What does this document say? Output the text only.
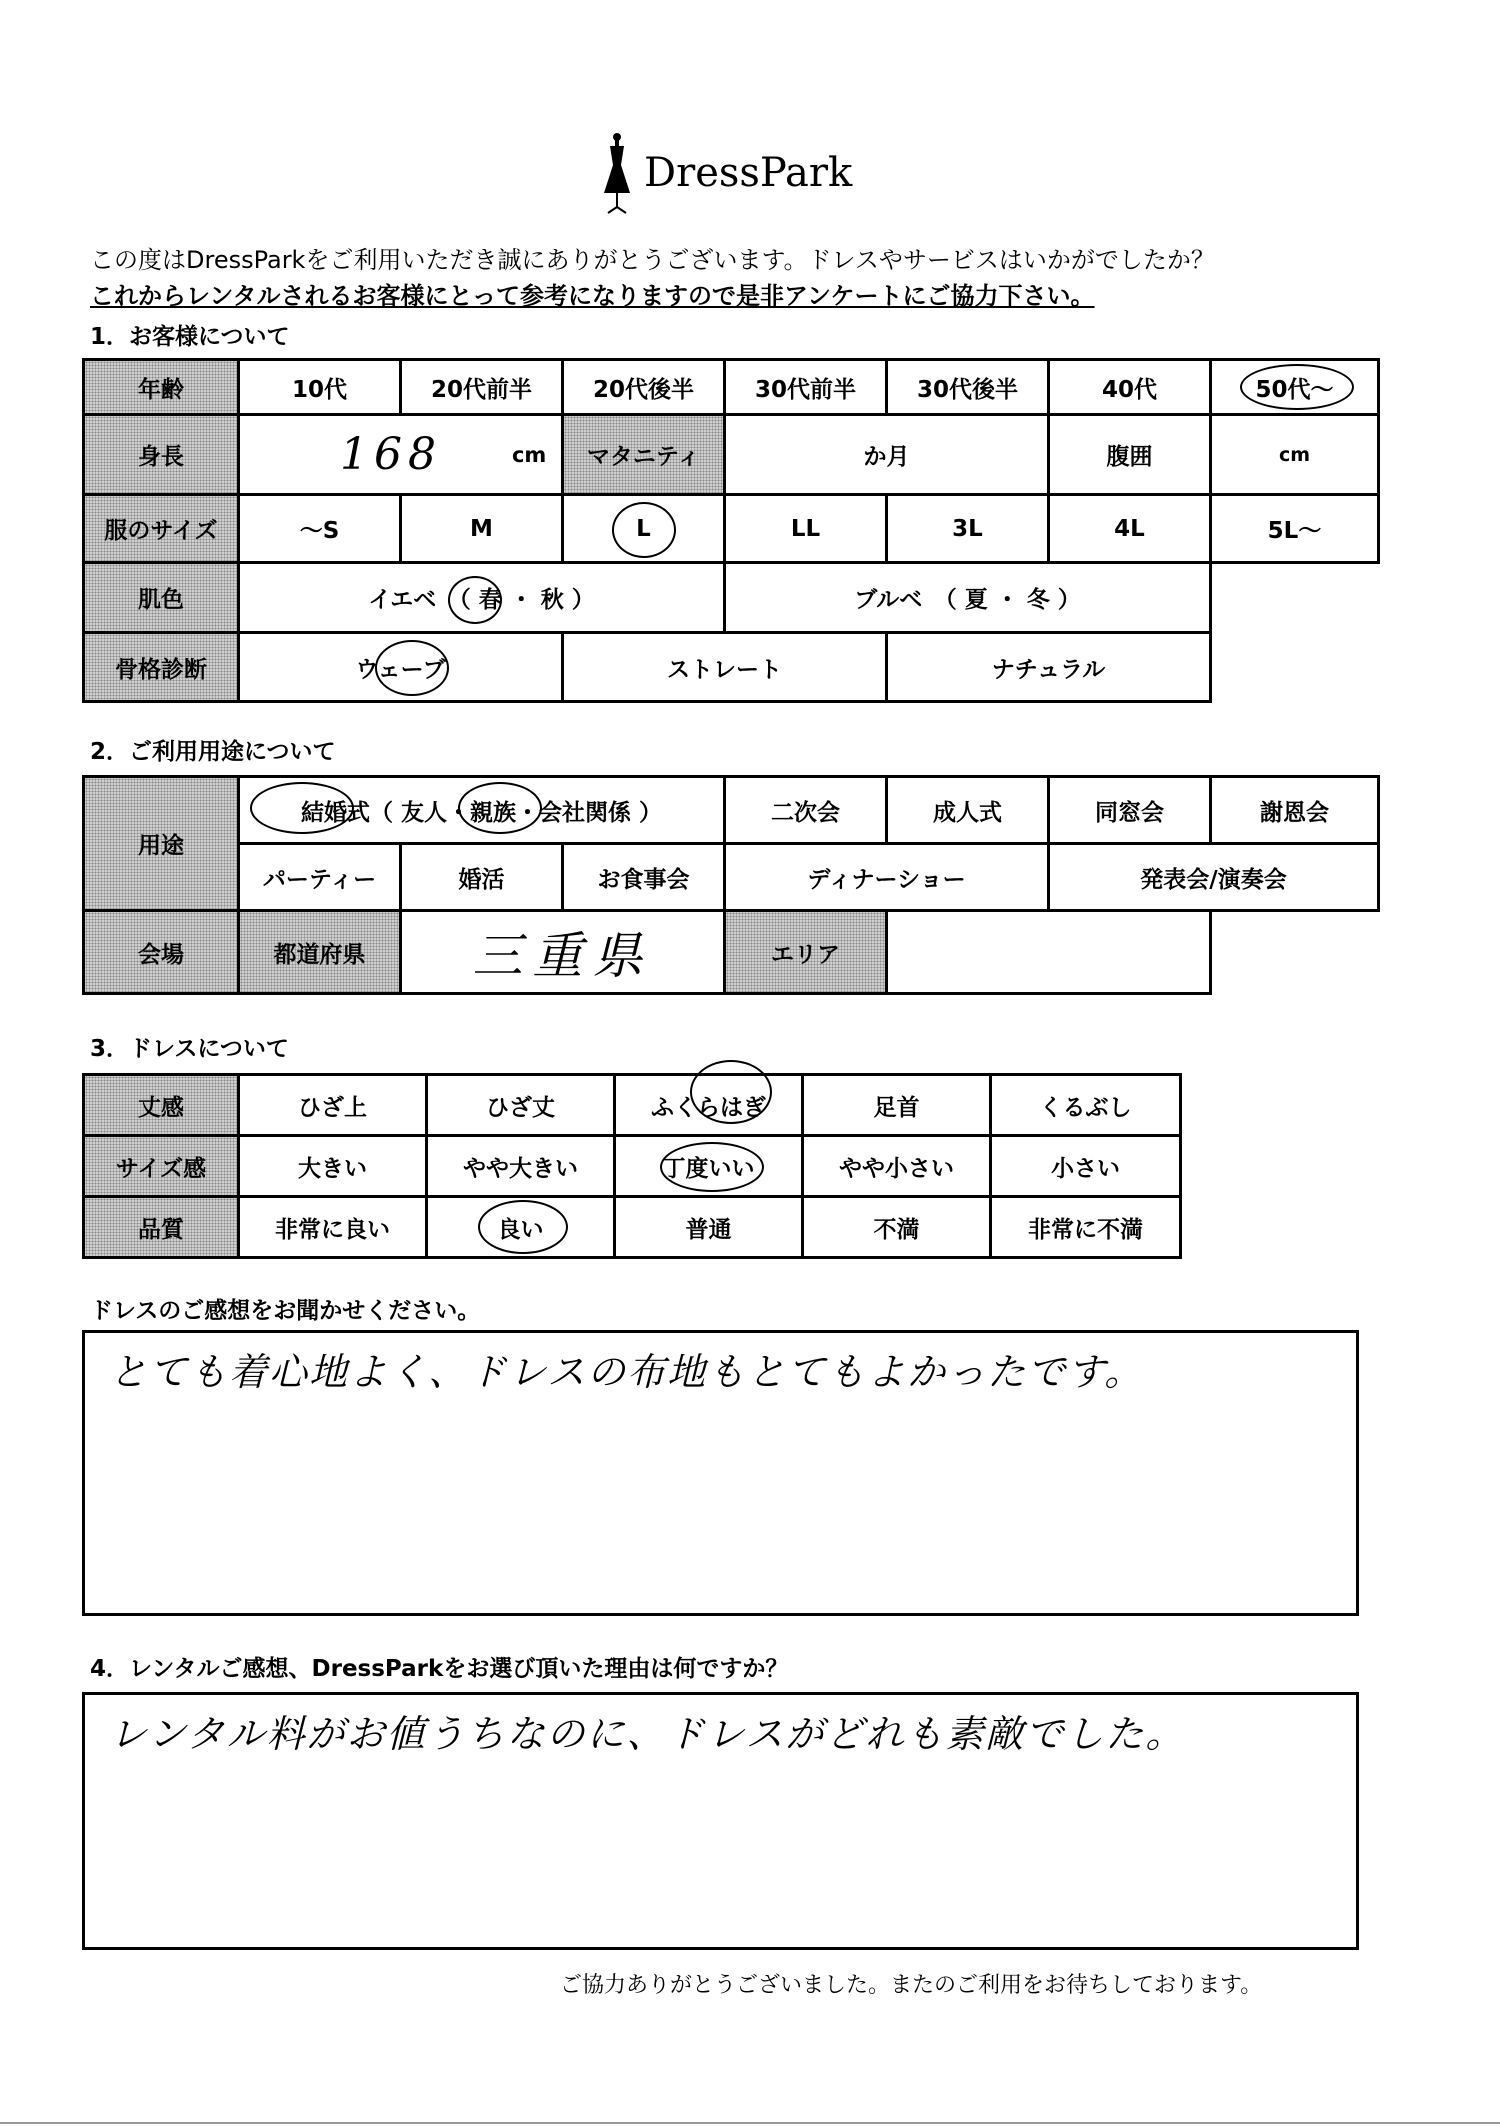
DressPark
この度はDressParkをご利用いただき誠にありがとうございます。ドレスやサービスはいかがでしたか？
これからレンタルされるお客様にとって参考になりますので是非アンケートにご協力下さい。
1．お客様について
年齢	10代	20代前半	20代後半	30代前半	30代後半	40代	50代～
身長	168	cm	マタニティ	か月	腹囲	cm
服のサイズ	～S	M	L	LL	3L	4L	5L～
肌色	イエベ　（ 春 ・ 秋 ）	ブルベ　（ 夏 ・ 冬 ）
骨格診断	ウェーブ	ストレート	ナチュラル
2．ご利用用途について
用途
結婚式（ 友人・親族・会社関係 ）	二次会	成人式	同窓会	謝恩会
パーティー	婚活	お食事会	ディナーショー	発表会/演奏会
会場	都道府県	三重県	エリア
3．ドレスについて
丈感	ひざ上	ひざ丈	ふくらはぎ	足首	くるぶし
サイズ感	大きい	やや大きい	丁度いい	やや小さい	小さい
品質	非常に良い	良い	普通	不満	非常に不満
ドレスのご感想をお聞かせください。
とても着心地よく、ドレスの布地もとてもよかったです。
4．レンタルご感想、DressParkをお選び頂いた理由は何ですか？
レンタル料がお値うちなのに、ドレスがどれも素敵でした。
ご協力ありがとうございました。またのご利用をお待ちしております。
